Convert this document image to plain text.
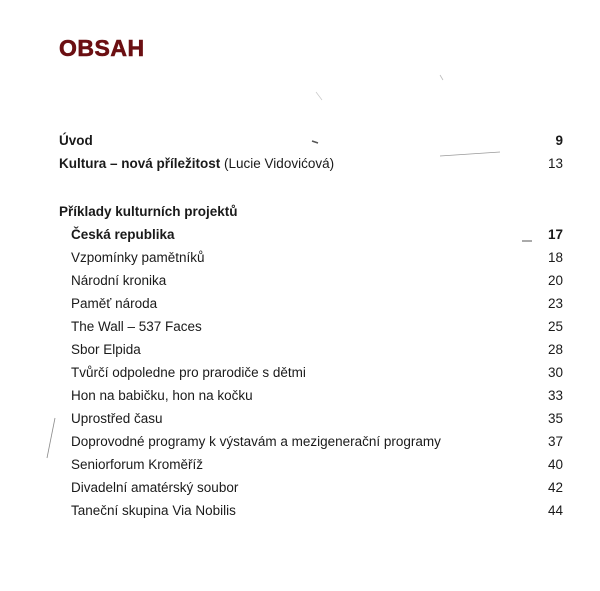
OBSAH
Úvod	9
Kultura – nová příležitost (Lucie Vidovićová)	13
Příklady kulturních projektů
Česká republika	17
Vzpomínky pamětníků	18
Národní kronika	20
Paměť národa	23
The Wall – 537 Faces	25
Sbor Elpida	28
Tvůrčí odpoledne pro prarodiče s dětmi	30
Hon na babičku, hon na kočku	33
Uprostřed času	35
Doprovodné programy k výstavám a mezigenerační programy	37
Seniorforum Kroměříž	40
Divadelní amatérský soubor	42
Taneční skupina Via Nobilis	44
